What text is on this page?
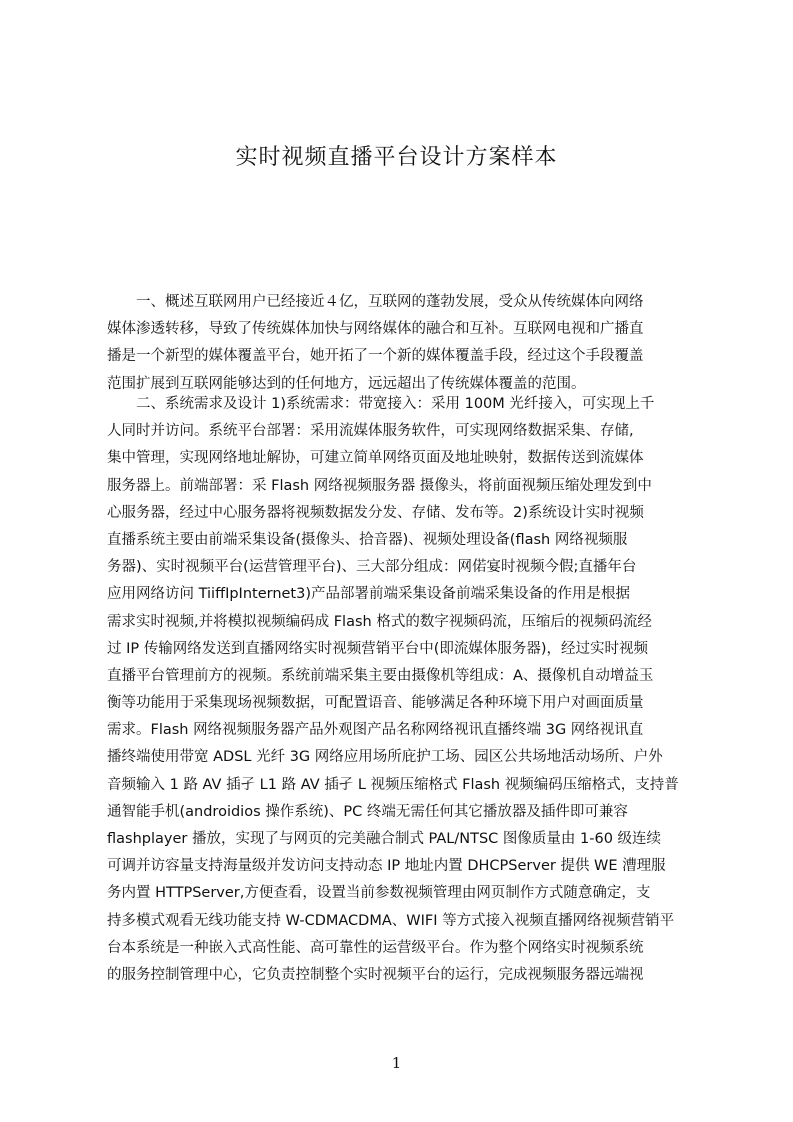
实时视频直播平台设计方案样本

　　一、概述互联网用户已经接近４亿，互联网的蓬勃发展，受众从传统媒体向网络
媒体渗透转移，导致了传统媒体加快与网络媒体的融合和互补。互联网电视和广播直
播是一个新型的媒体覆盖平台，她开拓了一个新的媒体覆盖手段，经过这个手段覆盖
范围扩展到互联网能够达到的任何地方，远远超出了传统媒体覆盖的范围。

　　二、系统需求及设计 1)系统需求：带宽接入：采用 100M 光纤接入，可实现上千
人同时并访问。系统平台部署：采用流媒体服务软件，可实现网络数据采集、存储,
集中管理，实现网络地址解协，可建立简单网络页面及地址映射，数据传送到流媒体
服务器上。前端部署：采 Flash 网络视频服务器 摄像头，将前面视频压缩处理发到中
心服务器，经过中心服务器将视频数据发分发、存储、发布等。2)系统设计实时视频
直播系统主要由前端采集设备(摄像头、拾音器)、视频处理设备(flash 网络视频服
务器)、实时视频平台(运营管理平台)、三大部分组成：网偌宴时视频今假;直播年台
应用网络访问 TiiffIpInternet3)产品部署前端采集设备前端采集设备的作用是根据
需求实时视频,并将模拟视频编码成 Flash 格式的数字视频码流，压缩后的视频码流经
过 IP 传输网络发送到直播网络实时视频营销平台中(即流媒体服务器)，经过实时视频
直播平台管理前方的视频。系统前端采集主要由摄像机等组成：A、摄像机自动增益玉
衡等功能用于采集现场视频数据，可配置语音、能够满足各种环境下用户对画面质量
需求。Flash 网络视频服务器产品外观图产品名称网络视讯直播终端 3G 网络视讯直
播终端使用带宽 ADSL 光纤 3G 网络应用场所庇护工场、园区公共场地活动场所、户外
音频输入 1 路 AV 插孑 L1 路 AV 插孑 L 视频压缩格式 Flash 视频编码压缩格式，支持普
通智能手机(androidios 操作系统)、PC 终端无需任何其它播放器及插件即可兼容
flashplayer 播放，实现了与网页的完美融合制式 PAL/NTSC 图像质量由 1-60 级连续
可调并访容量支持海量级并发访问支持动态 IP 地址内置 DHCPServer 提供 WE 漕理服
务内置 HTTPServer,方便查看，设置当前参数视频管理由网页制作方式随意确定，支
持多模式观看无线功能支持 W-CDMACDMA、WIFI 等方式接入视频直播网络视频营销平
台本系统是一种嵌入式高性能、高可靠性的运营级平台。作为整个网络实时视频系统
的服务控制管理中心，它负责控制整个实时视频平台的运行，完成视频服务器远端视

1
